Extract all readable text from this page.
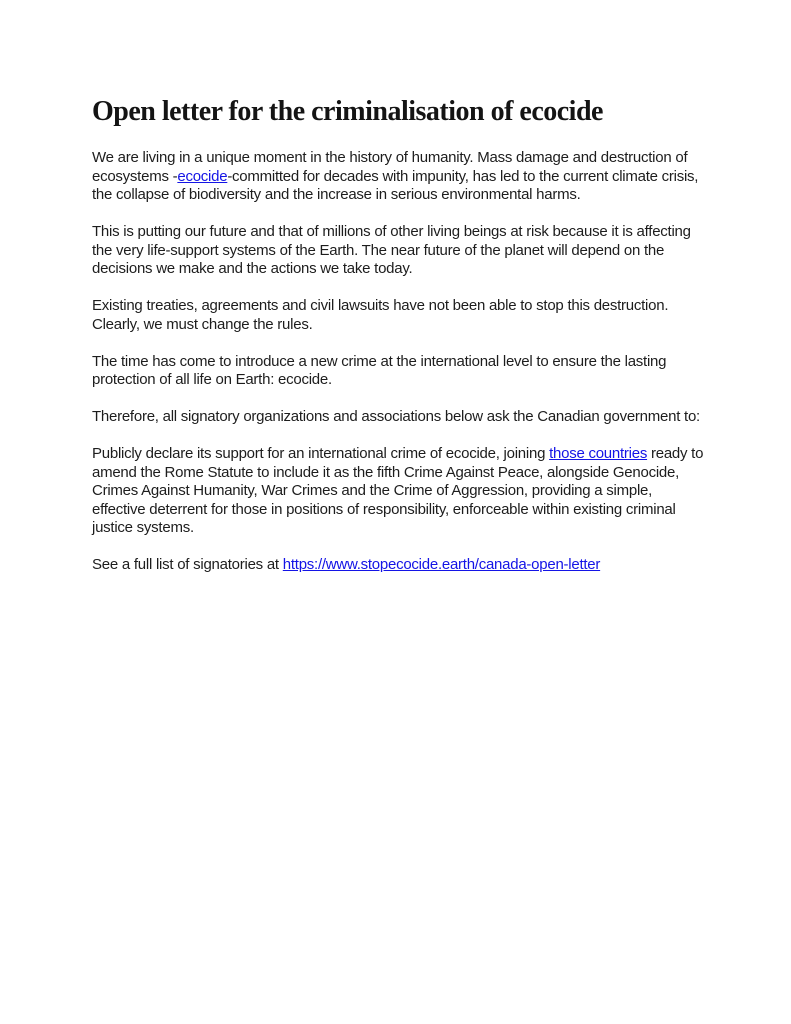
Open letter for the criminalisation of ecocide

We are living in a unique moment in the history of humanity. Mass damage and destruction of ecosystems -ecocide-committed for decades with impunity, has led to the current climate crisis, the collapse of biodiversity and the increase in serious environmental harms.

This is putting our future and that of millions of other living beings at risk because it is affecting the very life-support systems of the Earth. The near future of the planet will depend on the decisions we make and the actions we take today.

Existing treaties, agreements and civil lawsuits have not been able to stop this destruction. Clearly, we must change the rules.

The time has come to introduce a new crime at the international level to ensure the lasting protection of all life on Earth: ecocide.

Therefore, all signatory organizations and associations below ask the Canadian government to:

Publicly declare its support for an international crime of ecocide, joining those countries ready to amend the Rome Statute to include it as the fifth Crime Against Peace, alongside Genocide, Crimes Against Humanity, War Crimes and the Crime of Aggression, providing a simple, effective deterrent for those in positions of responsibility, enforceable within existing criminal justice systems.

See a full list of signatories at https://www.stopecocide.earth/canada-open-letter
